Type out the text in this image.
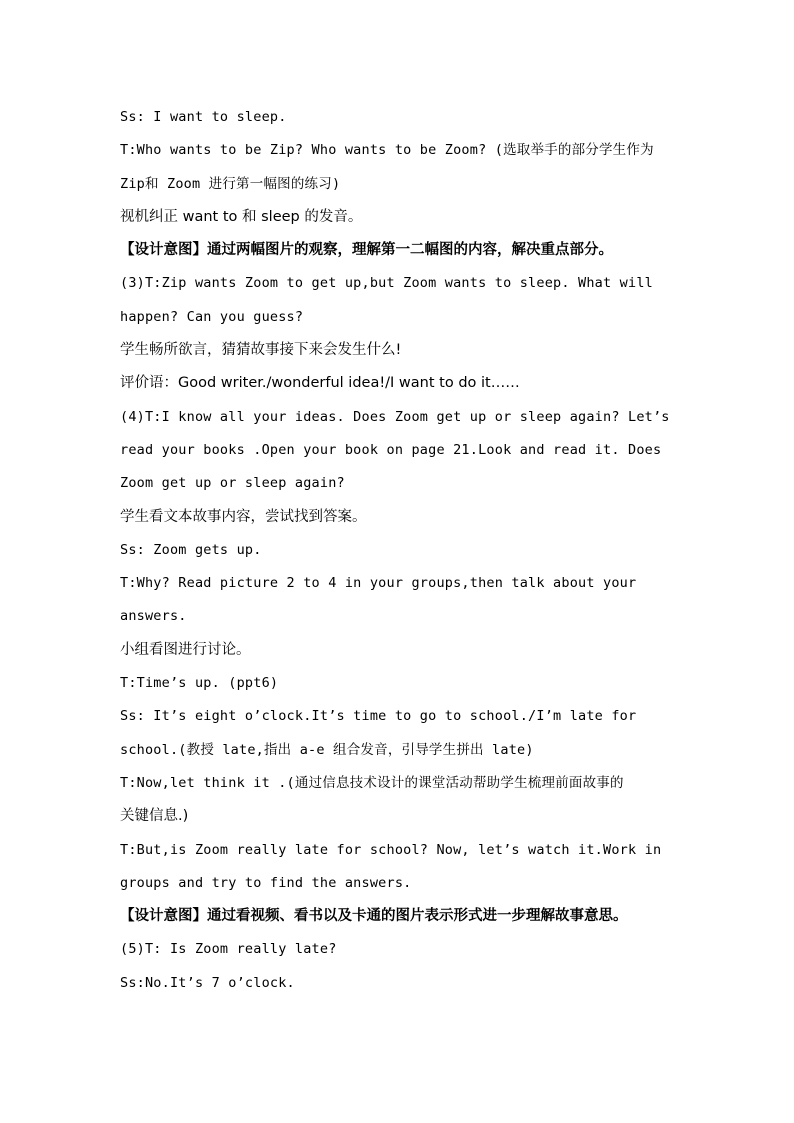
Ss: I want to sleep.
T:Who wants to be Zip? Who wants to be Zoom? (选取举手的部分学生作为
Zip和 Zoom 进行第一幅图的练习)
视机纠正 want to 和 sleep 的发音。
【设计意图】通过两幅图片的观察，理解第一二幅图的内容，解决重点部分。
(3)T:Zip wants Zoom to get up,but Zoom wants to sleep. What will
happen? Can you guess?
学生畅所欲言，猜猜故事接下来会发生什么!
评价语：Good writer./wonderful idea!/I want to do it……
(4)T:I know all your ideas. Does Zoom get up or sleep again? Let’s
read your books .Open your book on page 21.Look and read it. Does
Zoom get up or sleep again?
学生看文本故事内容，尝试找到答案。
Ss: Zoom gets up.
T:Why? Read picture 2 to 4 in your groups,then talk about your
answers.
小组看图进行讨论。
T:Time’s up. (ppt6)
Ss: It’s eight o’clock.It’s time to go to school./I’m late for
school.(教授 late,指出 a-e 组合发音，引导学生拼出 late)
T:Now,let think it .(通过信息技术设计的课堂活动帮助学生梳理前面故事的
关键信息.)
T:But,is Zoom really late for school? Now, let’s watch it.Work in
groups and try to find the answers.
【设计意图】通过看视频、看书以及卡通的图片表示形式进一步理解故事意思。
(5)T: Is Zoom really late?
Ss:No.It’s 7 o’clock.
